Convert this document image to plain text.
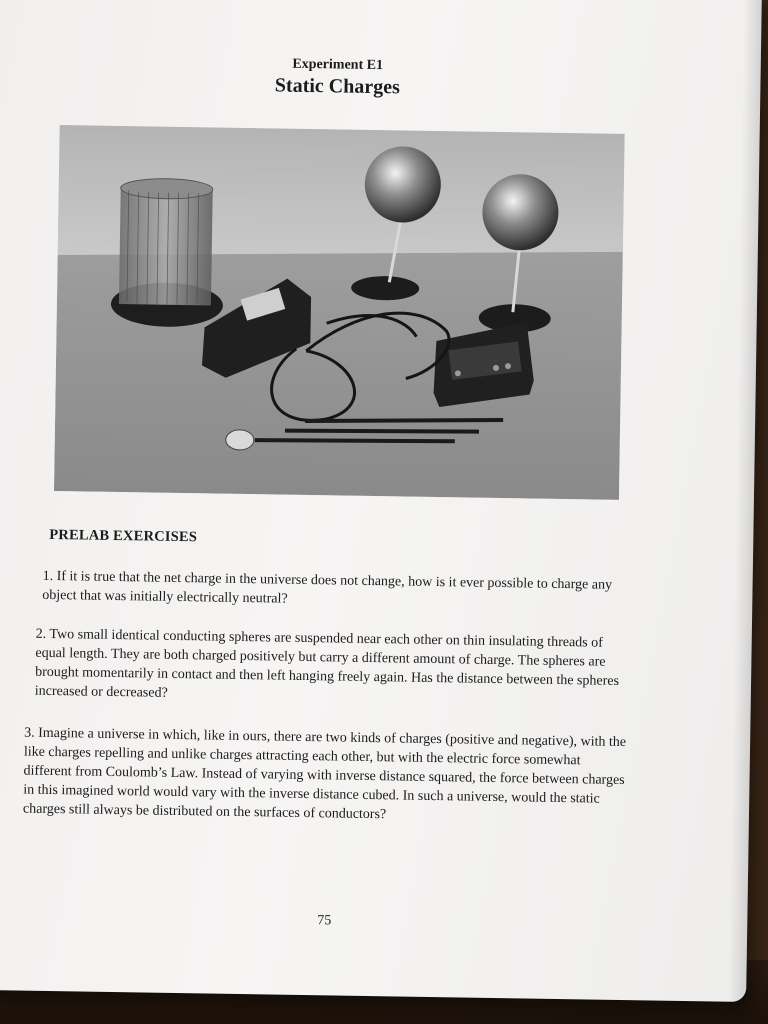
Experiment E1
Static Charges
PRELAB EXERCISES
1. If it is true that the net charge in the universe does not change, how is it ever possible to charge any object that was initially electrically neutral?
2. Two small identical conducting spheres are suspended near each other on thin insulating threads of equal length. They are both charged positively but carry a different amount of charge. The spheres are brought momentarily in contact and then left hanging freely again. Has the distance between the spheres increased or decreased?
3. Imagine a universe in which, like in ours, there are two kinds of charges (positive and negative), with the like charges repelling and unlike charges attracting each other, but with the electric force somewhat different from Coulomb’s Law. Instead of varying with inverse distance squared, the force between charges in this imagined world would vary with the inverse distance cubed. In such a universe, would the static charges still always be distributed on the surfaces of conductors?
75
